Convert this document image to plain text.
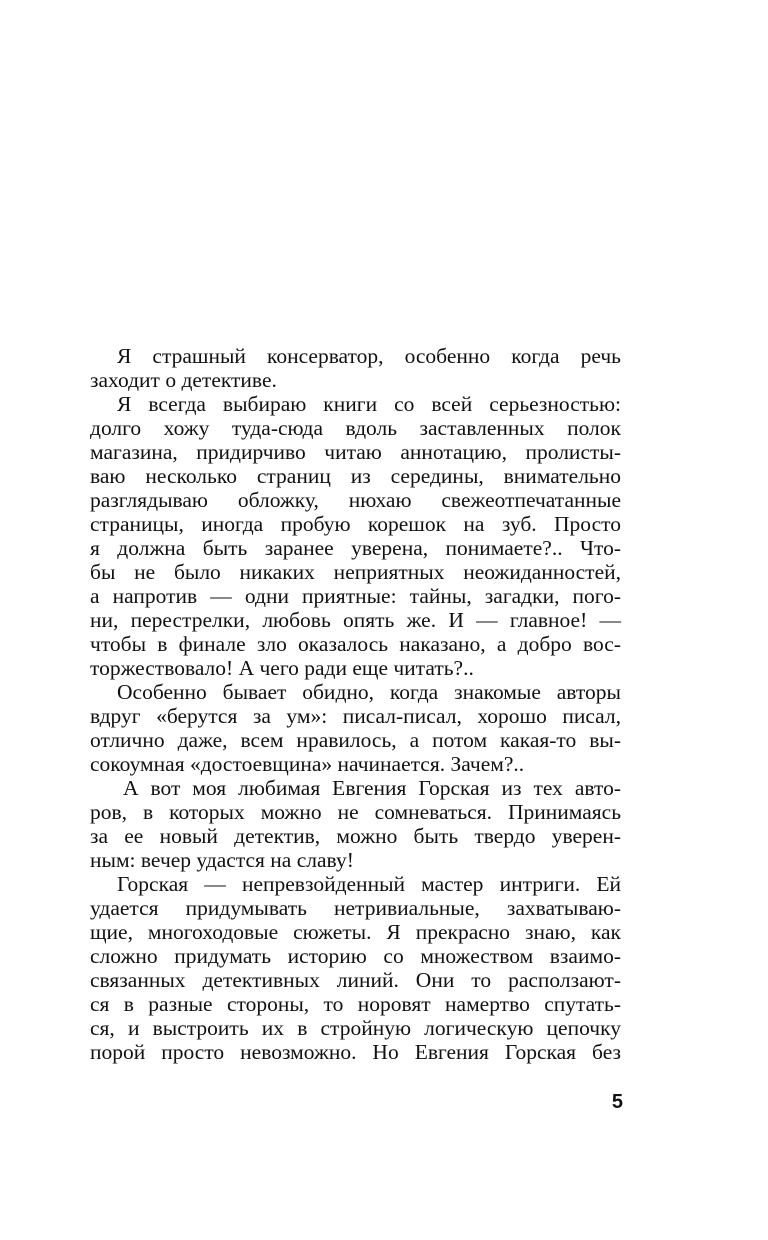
Я страшный консерватор, особенно когда речь
заходит о детективе.
Я всегда выбираю книги со всей серьезностью:
долго хожу туда-сюда вдоль заставленных полок
магазина, придирчиво читаю аннотацию, пролисты-
ваю несколько страниц из середины, внимательно
разглядываю обложку, нюхаю свежеотпечатанные
страницы, иногда пробую корешок на зуб. Просто
я должна быть заранее уверена, понимаете?.. Что-
бы не было никаких неприятных неожиданностей,
а напротив — одни приятные: тайны, загадки, пого-
ни, перестрелки, любовь опять же. И — главное! —
чтобы в финале зло оказалось наказано, а добро вос-
торжествовало! А чего ради еще читать?..
Особенно бывает обидно, когда знакомые авторы
вдруг «берутся за ум»: писал-писал, хорошо писал,
отлично даже, всем нравилось, а потом какая-то вы-
сокоумная «достоевщина» начинается. Зачем?..
А вот моя любимая Евгения Горская из тех авто-
ров, в которых можно не сомневаться. Принимаясь
за ее новый детектив, можно быть твердо уверен-
ным: вечер удастся на славу!
Горская — непревзойденный мастер интриги. Ей
удается придумывать нетривиальные, захватываю-
щие, многоходовые сюжеты. Я прекрасно знаю, как
сложно придумать историю со множеством взаимо-
связанных детективных линий. Они то расползают-
ся в разные стороны, то норовят намертво спутать-
ся, и выстроить их в стройную логическую цепочку
порой просто невозможно. Но Евгения Горская без
5
